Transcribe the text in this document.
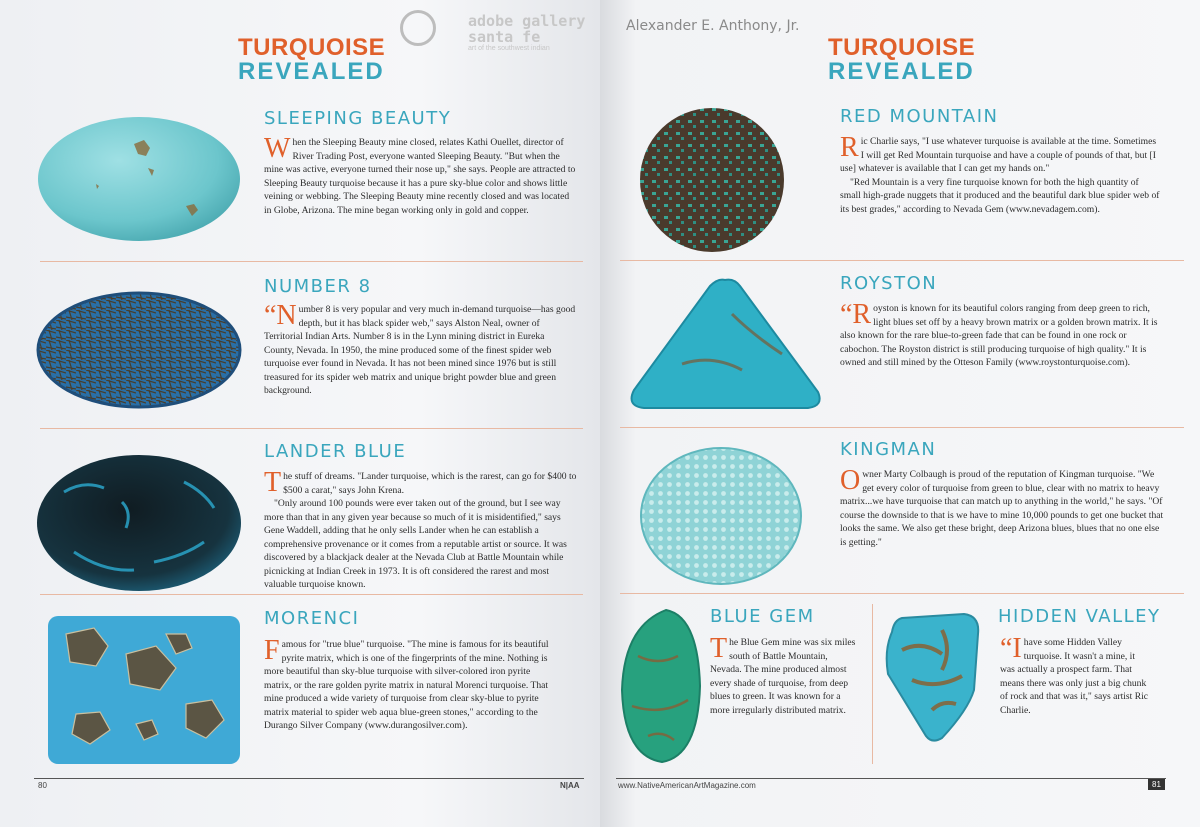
TURQUOISE
REVEALED
SLEEPING BEAUTY
W hen the Sleeping Beauty mine closed, relates Kathi Ouellet, director of River Trading Post, everyone wanted Sleeping Beauty. "But when the mine was active, everyone turned their nose up," she says. People are attracted to Sleeping Beauty turquoise because it has a pure sky-blue color and shows little veining or webbing. The Sleeping Beauty mine recently closed and was located in Globe, Arizona. The mine began working only in gold and copper.

NUMBER 8
“N umber 8 is very popular and very much in-demand turquoise—has good depth, but it has black spider web," says Alston Neal, owner of Territorial Indian Arts. Number 8 is in the Lynn mining district in Eureka County, Nevada. In 1950, the mine produced some of the finest spider web turquoise ever found in Nevada. It has not been mined since 1976 but is still treasured for its spider web matrix and unique bright powder blue and green background.

LANDER BLUE
T he stuff of dreams. "Lander turquoise, which is the rarest, can go for $400 to $500 a carat," says John Krena.

"Only around 100 pounds were ever taken out of the ground, but I see way more than that in any given year because so much of it is misidentified," says Gene Waddell, adding that he only sells Lander when he can establish a comprehensive provenance or it comes from a reputable artist or source. It was discovered by a blackjack dealer at the Nevada Club at Battle Mountain while picnicking at Indian Creek in 1973. It is oft considered the rarest and most valuable turquoise known.

MORENCI
F amous for "true blue" turquoise. "The mine is famous for its beautiful pyrite matrix, which is one of the fingerprints of the mine. Nothing is more beautiful than sky-blue turquoise with silver-colored iron pyrite matrix, or the rare golden pyrite matrix in natural Morenci turquoise. That mine produced a wide variety of turquoise from clear sky-blue to pyrite matrix material to spider web aqua blue-green stones," according to the Durango Silver Company (www.durangosilver.com).

80	N|AA
TURQUOISE
REVEALED
RED MOUNTAIN
R ic Charlie says, "I use whatever turquoise is available at the time. Sometimes I will get Red Mountain turquoise and have a couple of pounds of that, but [I use] whatever is available that I can get my hands on."

"Red Mountain is a very fine turquoise known for both the high quantity of small high-grade nuggets that it produced and the beautiful dark blue spider web of its best grades," according to Nevada Gem (www.nevadagem.com).

ROYSTON
“R oyston is known for its beautiful colors ranging from deep green to rich, light blues set off by a heavy brown matrix or a golden brown matrix. It is also known for the rare blue-to-green fade that can be found in one rock or cabochon. The Royston district is still producing turquoise of high quality." It is owned and still mined by the Otteson Family (www.roystonturquoise.com).

KINGMAN
O wner Marty Colbaugh is proud of the reputation of Kingman turquoise. "We get every color of turquoise from green to blue, clear with no matrix to heavy matrix...we have turquoise that can match up to anything in the world," he says. "Of course the downside to that is we have to mine 10,000 pounds to get one bucket that looks the same. We also get these bright, deep Arizona blues, blues that no one else is getting."

BLUE GEM
T he Blue Gem mine was six miles south of Battle Mountain, Nevada. The mine produced almost every shade of turquoise, from deep blues to green. It was known for a more irregularly distributed matrix.

HIDDEN VALLEY
“I have some Hidden Valley turquoise. It wasn't a mine, it was actually a prospect farm. That means there was only just a big chunk of rock and that was it," says artist Ric Charlie.

www.NativeAmericanArtMagazine.com	81
adobe gallery
santa fe
art of the southwest indian
Alexander E. Anthony, Jr.
